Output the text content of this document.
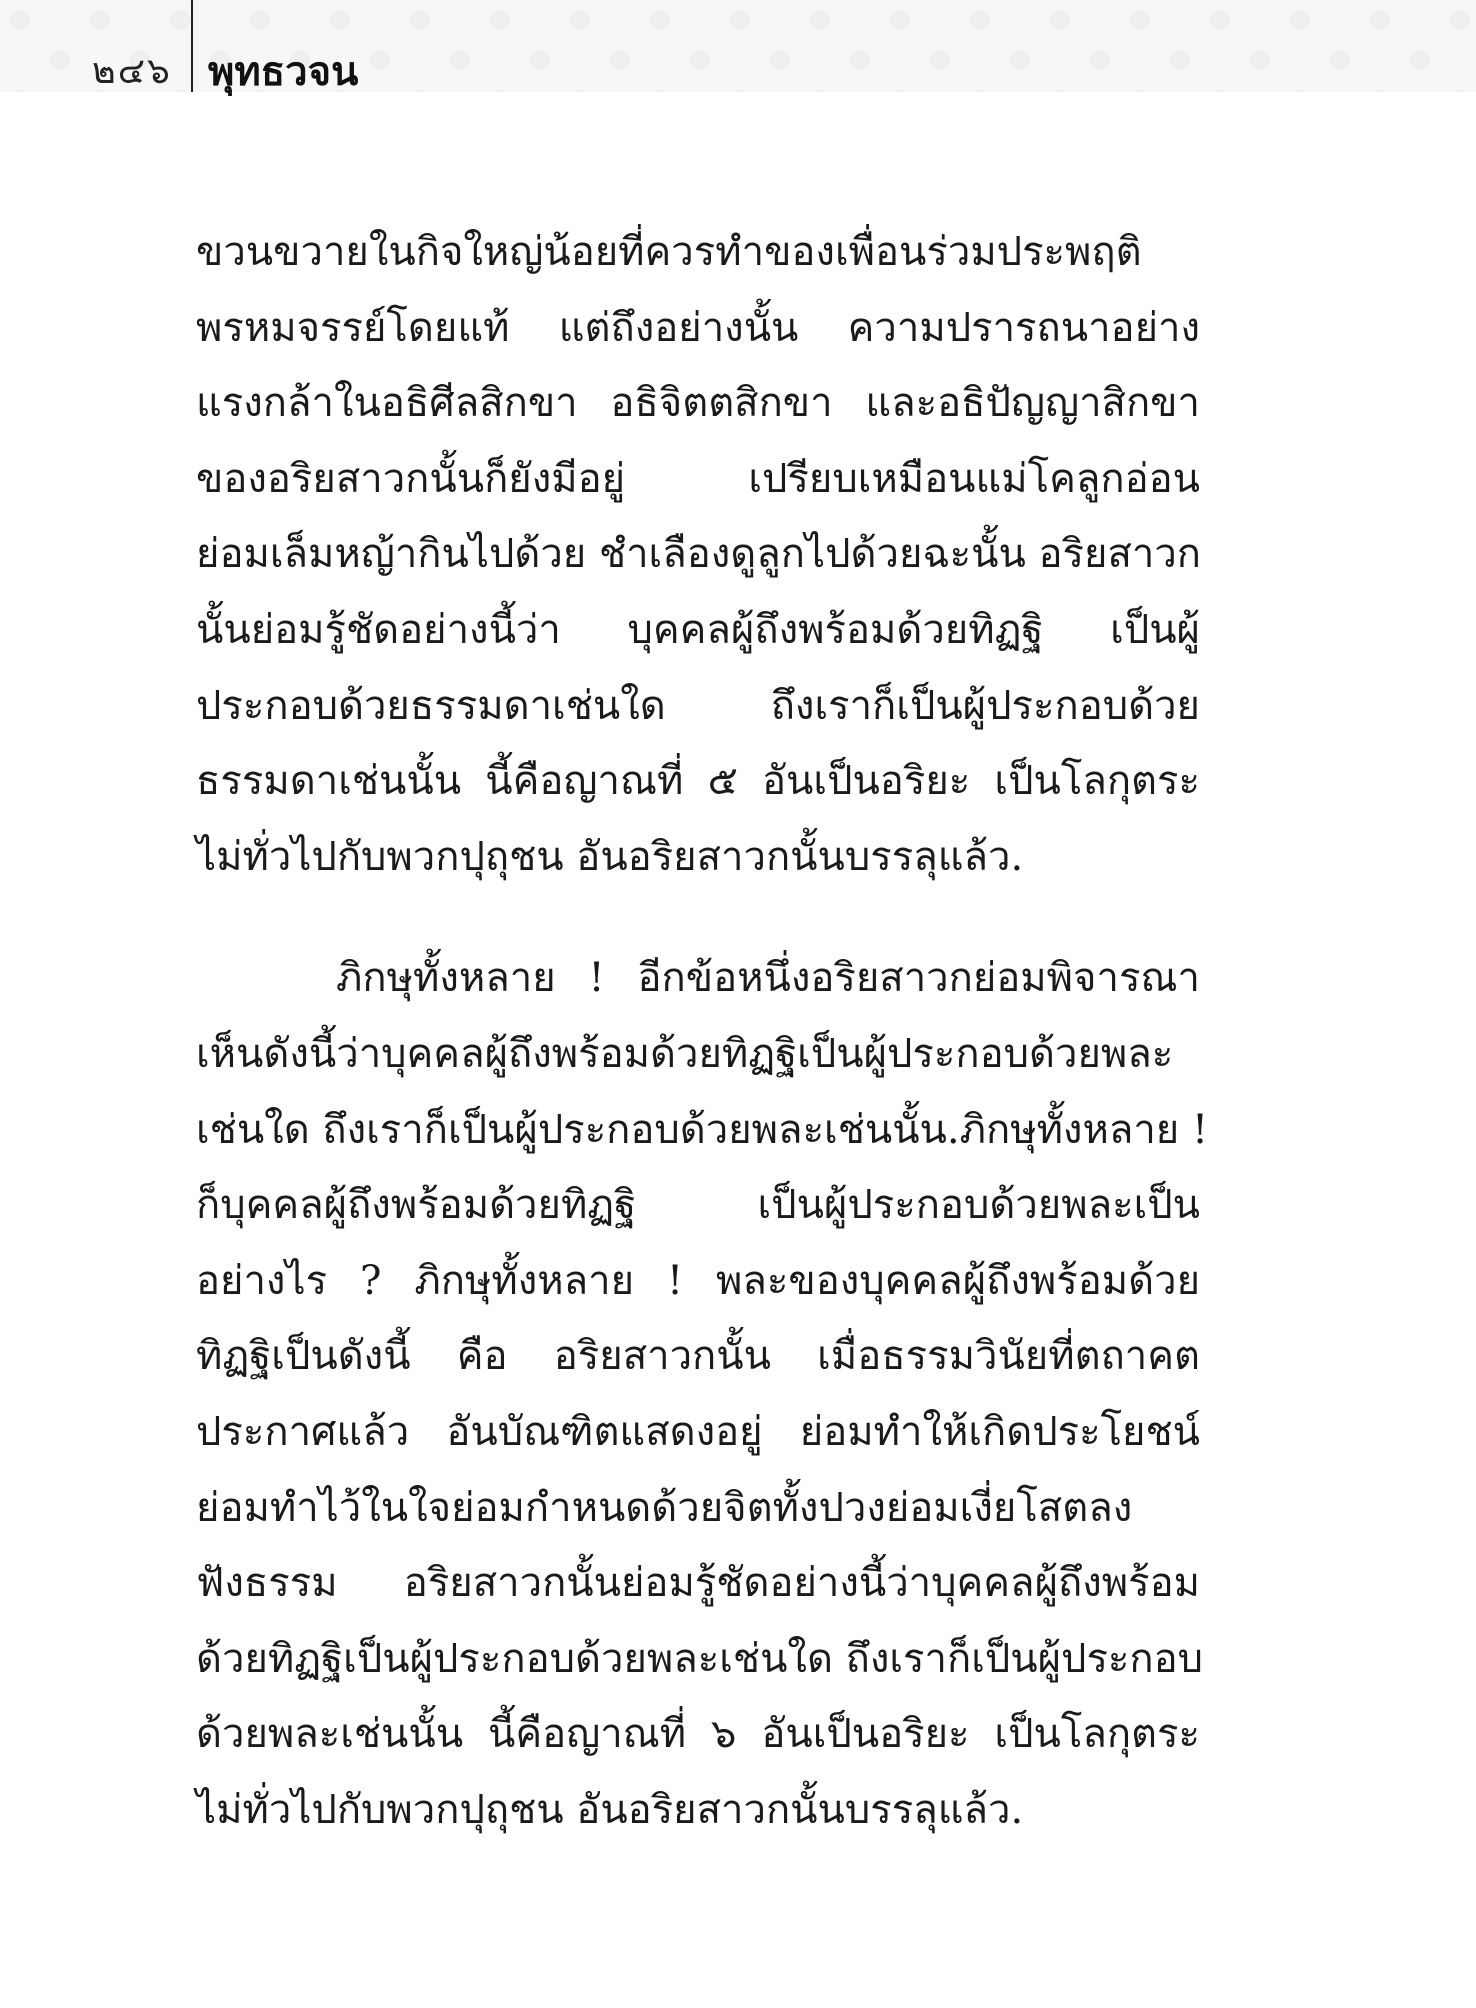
๒๔๖ พุทธวจน
ขวนขวายในกิจใหญ่น้อยที่ควรทำของเพื่อนร่วมประพฤติ
พรหมจรรย์โดยแท้ แต่ถึงอย่างนั้น ความปรารถนาอย่าง
แรงกล้าในอธิศีลสิกขา อธิจิตตสิกขา และอธิปัญญาสิกขา
ของอริยสาวกนั้นก็ยังมีอยู่ เปรียบเหมือนแม่โคลูกอ่อน
ย่อมเล็มหญ้ากินไปด้วย ชำเลืองดูลูกไปด้วยฉะนั้น อริยสาวก
นั้นย่อมรู้ชัดอย่างนี้ว่า บุคคลผู้ถึงพร้อมด้วยทิฏฐิ เป็นผู้
ประกอบด้วยธรรมดาเช่นใด ถึงเราก็เป็นผู้ประกอบด้วย
ธรรมดาเช่นนั้น นี้คือญาณที่ ๕ อันเป็นอริยะ เป็นโลกุตระ
ไม่ทั่วไปกับพวกปุถุชน อันอริยสาวกนั้นบรรลุแล้ว.
ภิกษุทั้งหลาย ! อีกข้อหนึ่งอริยสาวกย่อมพิจารณา
เห็นดังนี้ว่าบุคคลผู้ถึงพร้อมด้วยทิฏฐิเป็นผู้ประกอบด้วยพละ
เช่นใด ถึงเราก็เป็นผู้ประกอบด้วยพละเช่นนั้น.ภิกษุทั้งหลาย !
ก็บุคคลผู้ถึงพร้อมด้วยทิฏฐิ เป็นผู้ประกอบด้วยพละเป็น
อย่างไร ? ภิกษุทั้งหลาย ! พละของบุคคลผู้ถึงพร้อมด้วย
ทิฏฐิเป็นดังนี้ คือ อริยสาวกนั้น เมื่อธรรมวินัยที่ตถาคต
ประกาศแล้ว อันบัณฑิตแสดงอยู่ ย่อมทำให้เกิดประโยชน์
ย่อมทำไว้ในใจย่อมกำหนดด้วยจิตทั้งปวงย่อมเงี่ยโสตลง
ฟังธรรม อริยสาวกนั้นย่อมรู้ชัดอย่างนี้ว่าบุคคลผู้ถึงพร้อม
ด้วยทิฏฐิเป็นผู้ประกอบด้วยพละเช่นใด ถึงเราก็เป็นผู้ประกอบ
ด้วยพละเช่นนั้น นี้คือญาณที่ ๖ อันเป็นอริยะ เป็นโลกุตระ
ไม่ทั่วไปกับพวกปุถุชน อันอริยสาวกนั้นบรรลุแล้ว.
